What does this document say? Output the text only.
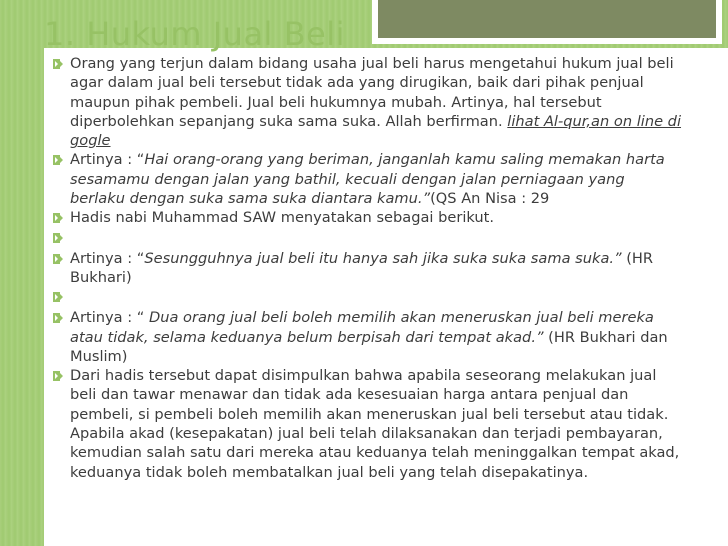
1. Hukum Jual Beli
Orang yang terjun dalam bidang usaha jual beli harus mengetahui hukum jual beli agar dalam jual beli tersebut tidak ada yang dirugikan, baik dari pihak penjual maupun pihak pembeli. Jual beli hukumnya mubah. Artinya, hal tersebut diperbolehkan sepanjang suka sama suka. Allah berfirman. lihat Al-qur,an on line di gogle
Artinya : “Hai orang-orang yang beriman, janganlah kamu saling memakan harta sesamamu dengan jalan yang bathil, kecuali dengan jalan perniagaan yang berlaku dengan suka sama suka diantara kamu.”(QS An Nisa : 29
Hadis nabi Muhammad SAW menyatakan sebagai berikut.
Artinya : “Sesungguhnya jual beli itu hanya sah jika suka suka sama suka.” (HR Bukhari)
Artinya : “ Dua orang jual beli boleh memilih akan meneruskan jual beli mereka atau tidak, selama keduanya belum berpisah dari tempat akad.” (HR Bukhari dan Muslim)
Dari hadis tersebut dapat disimpulkan bahwa apabila seseorang melakukan jual beli dan tawar menawar dan tidak ada kesesuaian harga antara penjual dan pembeli, si pembeli boleh memilih akan meneruskan jual beli tersebut atau tidak. Apabila akad (kesepakatan) jual beli telah dilaksanakan dan terjadi pembayaran, kemudian salah satu dari mereka atau keduanya telah meninggalkan tempat akad, keduanya tidak boleh membatalkan jual beli yang telah disepakatinya.
